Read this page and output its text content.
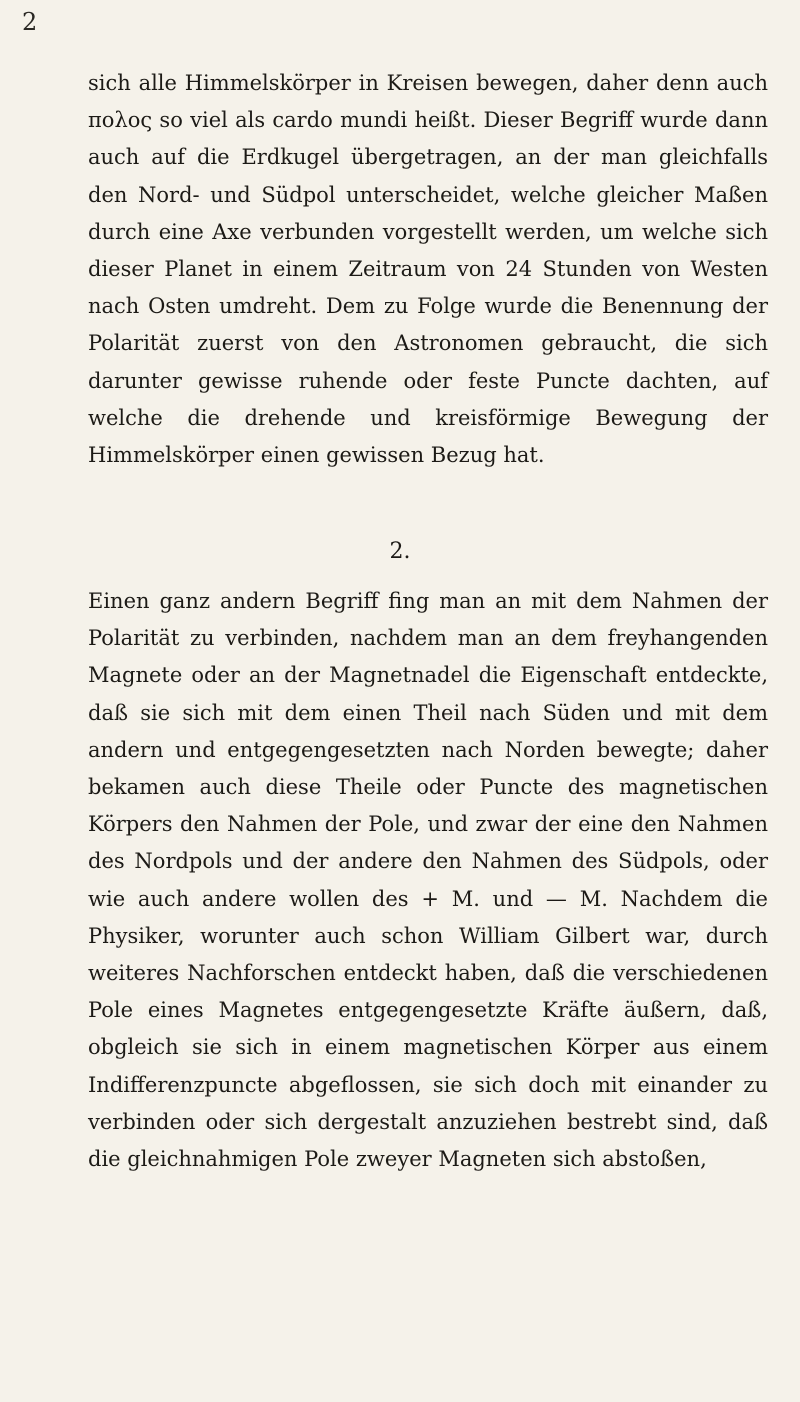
2

sich alle Himmelskörper in Kreisen bewegen, daher denn auch πολος so viel als cardo mundi heißt. Dieser Begriff wurde dann auch auf die Erdkugel übergetragen, an der man gleichfalls den Nord- und Südpol unterscheidet, welche gleicher Maßen durch eine Axe verbunden vorgestellt werden, um welche sich dieser Planet in einem Zeitraum von 24 Stunden von Westen nach Osten umdreht. Dem zu Folge wurde die Benennung der Polarität zuerst von den Astronomen gebraucht, die sich darunter gewisse ruhende oder feste Puncte dachten, auf welche die drehende und kreisförmige Bewegung der Himmelskörper einen gewissen Bezug hat.

2.

Einen ganz andern Begriff fing man an mit dem Nahmen der Polarität zu verbinden, nachdem man an dem freyhangenden Magnete oder an der Magnetnadel die Eigenschaft entdeckte, daß sie sich mit dem einen Theil nach Süden und mit dem andern und entgegengesetzten nach Norden bewegte; daher bekamen auch diese Theile oder Puncte des magnetischen Körpers den Nahmen der Pole, und zwar der eine den Nahmen des Nordpols und der andere den Nahmen des Südpols, oder wie auch andere wollen des + M. und — M. Nachdem die Physiker, worunter auch schon William Gilbert war, durch weiteres Nachforschen entdeckt haben, daß die verschiedenen Pole eines Magnetes entgegengesetzte Kräfte äußern, daß, obgleich sie sich in einem magnetischen Körper aus einem Indifferenzpuncte abgeflossen, sie sich doch mit einander zu verbinden oder sich dergestalt anzuziehen bestrebt sind, daß die gleichnahmigen Pole zweyer Magneten sich abstoßen,
